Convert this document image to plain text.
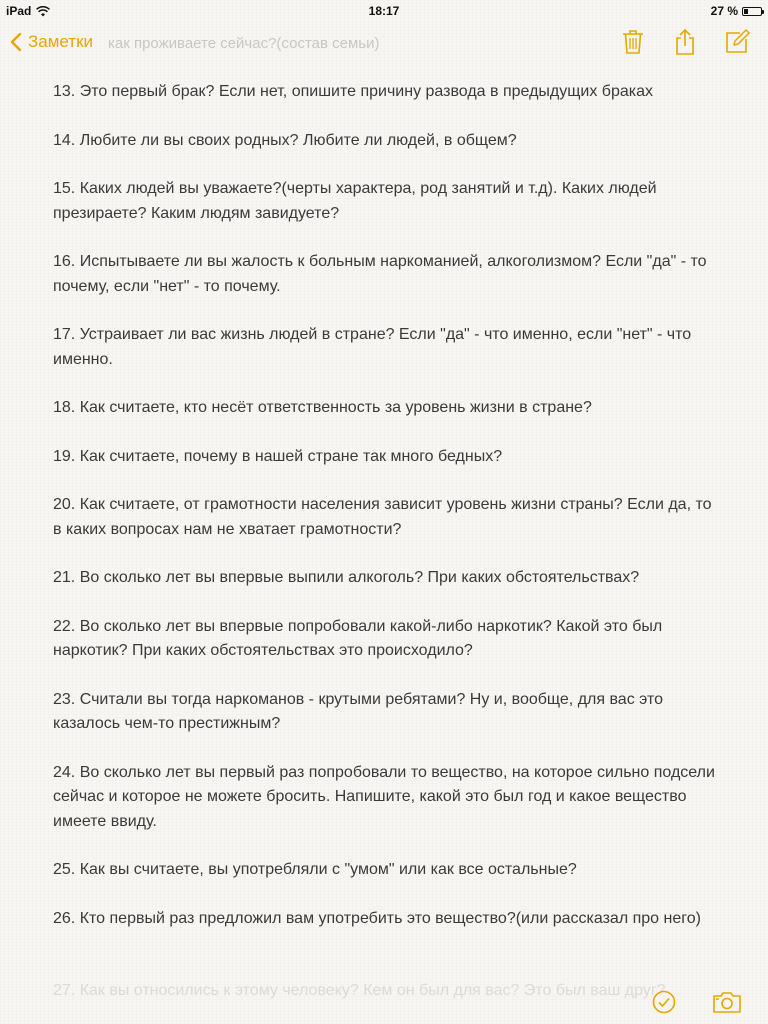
iPad	18:17	27 %
Заметки как проживаете сейчас?(состав семьи)

13. Это первый брак? Если нет, опишите причину развода в предыдущих браках

14. Любите ли вы своих родных? Любите ли людей, в общем?

15. Каких людей вы уважаете?(черты характера, род занятий и т.д). Каких людей презираете? Каким людям завидуете?

16. Испытываете ли вы жалость к больным наркоманией, алкоголизмом? Если "да" - то почему, если "нет" - то почему.

17. Устраивает ли вас жизнь людей в стране? Если "да" - что именно, если "нет" - что именно.

18. Как считаете, кто несёт ответственность за уровень жизни в стране?

19. Как считаете, почему в нашей стране так много бедных?

20. Как считаете, от грамотности населения зависит уровень жизни страны? Если да, то в каких вопросах нам не хватает грамотности?

21. Во сколько лет вы впервые выпили алкоголь? При каких обстоятельствах?

22. Во сколько лет вы впервые попробовали какой-либо наркотик? Какой это был наркотик? При каких обстоятельствах это происходило?

23. Считали вы тогда наркоманов - крутыми ребятами? Ну и, вообще, для вас это казалось чем-то престижным?

24. Во сколько лет вы первый раз попробовали то вещество, на которое сильно подсели сейчас и которое не можете бросить. Напишите, какой это был год и какое вещество имеете ввиду.

25. Как вы считаете, вы употребляли с "умом" или как все остальные?

26. Кто первый раз предложил вам употребить это вещество?(или рассказал про него)

27. Как вы относились к этому человеку? Кем он был для вас? Это был ваш друг?
